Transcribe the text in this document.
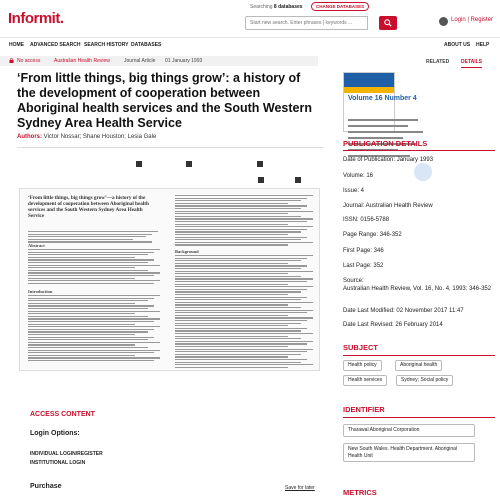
Informit.
Searching 8 databases	CHANGE DATABASES
Start new search. Enter phrases | keywords ...
Login | Register
HOME ADVANCED SEARCH SEARCH HISTORY DATABASES	ABOUT US HELP
No access	Australian Health Review	Journal Article 01 January 1993	RELATED DETAILS
‘From little things, big things grow’: a history of the development of cooperation between Aboriginal health services and the South Western Sydney Area Health Service
Authors: Victor Nossar; Shane Houston; Lesia Gale
‘From little things, big things grow’—a history of the development of cooperation between Aboriginal health services and the South Western Sydney Area Health Service
Abstract
Introduction
Background
ACCESS CONTENT
Login Options:
INDIVIDUAL LOGIN/REGISTER
INSTITUTIONAL LOGIN
Purchase	Save for later
Volume 16 Number 4
PUBLICATION DETAILS
Date of Publication: January 1993
Volume: 16
Issue: 4
Journal: Australian Health Review
ISSN: 0156-5788
Page Range: 346-352
First Page: 346
Last Page: 352
Source:
Australian Health Review, Vol. 16, No. 4, 1993: 346-352
Date Last Modified: 02 November 2017 11:47
Date Last Revised: 26 February 2014
SUBJECT
Health policy	Aboriginal health
Health services	Sydney; Social policy
IDENTIFIER
Tharawal Aboriginal Corporation
New South Wales. Health Department. Aboriginal Health Unit
METRICS
